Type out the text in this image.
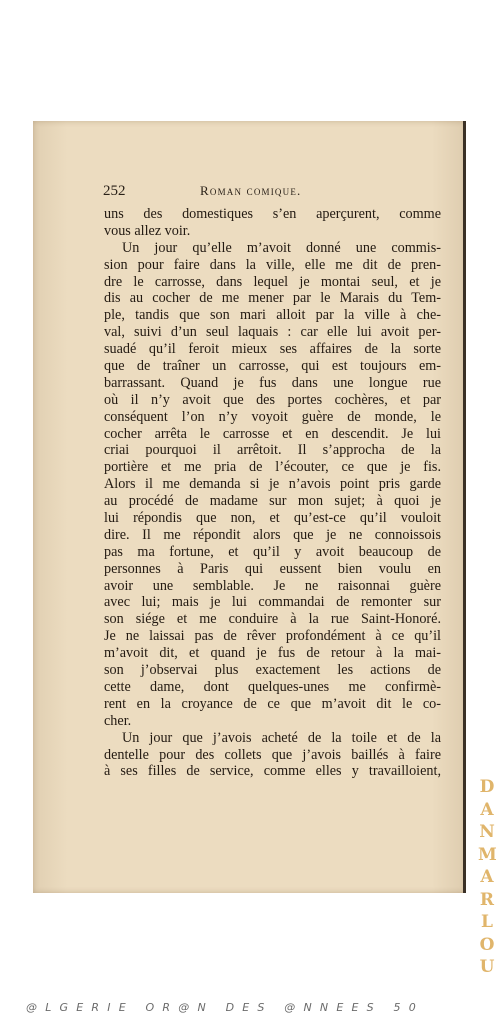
252	Roman comique.
uns des domestiques s’en aperçurent, comme
vous allez voir.
Un jour qu’elle m’avoit donné une commis-
sion pour faire dans la ville, elle me dit de pren-
dre le carrosse, dans lequel je montai seul, et je
dis au cocher de me mener par le Marais du Tem-
ple, tandis que son mari alloit par la ville à che-
val, suivi d’un seul laquais : car elle lui avoit per-
suadé qu’il feroit mieux ses affaires de la sorte
que de traîner un carrosse, qui est toujours em-
barrassant. Quand je fus dans une longue rue
où il n’y avoit que des portes cochères, et par
conséquent l’on n’y voyoit guère de monde, le
cocher arrêta le carrosse et en descendit. Je lui
criai pourquoi il arrêtoit. Il s’approcha de la
portière et me pria de l’écouter, ce que je fis.
Alors il me demanda si je n’avois point pris garde
au procédé de madame sur mon sujet; à quoi je
lui répondis que non, et qu’est-ce qu’il vouloit
dire. Il me répondit alors que je ne connoissois
pas ma fortune, et qu’il y avoit beaucoup de
personnes à Paris qui eussent bien voulu en
avoir une semblable. Je ne raisonnai guère
avec lui; mais je lui commandai de remonter sur
son siége et me conduire à la rue Saint-Honoré.
Je ne laissai pas de rêver profondément à ce qu’il
m’avoit dit, et quand je fus de retour à la mai-
son j’observai plus exactement les actions de
cette dame, dont quelques-unes me confirmè-
rent en la croyance de ce que m’avoit dit le co-
cher.
Un jour que j’avois acheté de la toile et de la
dentelle pour des collets que j’avois baillés à faire
à ses filles de service, comme elles y travailloient,
D
A
N
M
A
R
L
O
U
@LGERIE OR@N DES @NNEES 50
